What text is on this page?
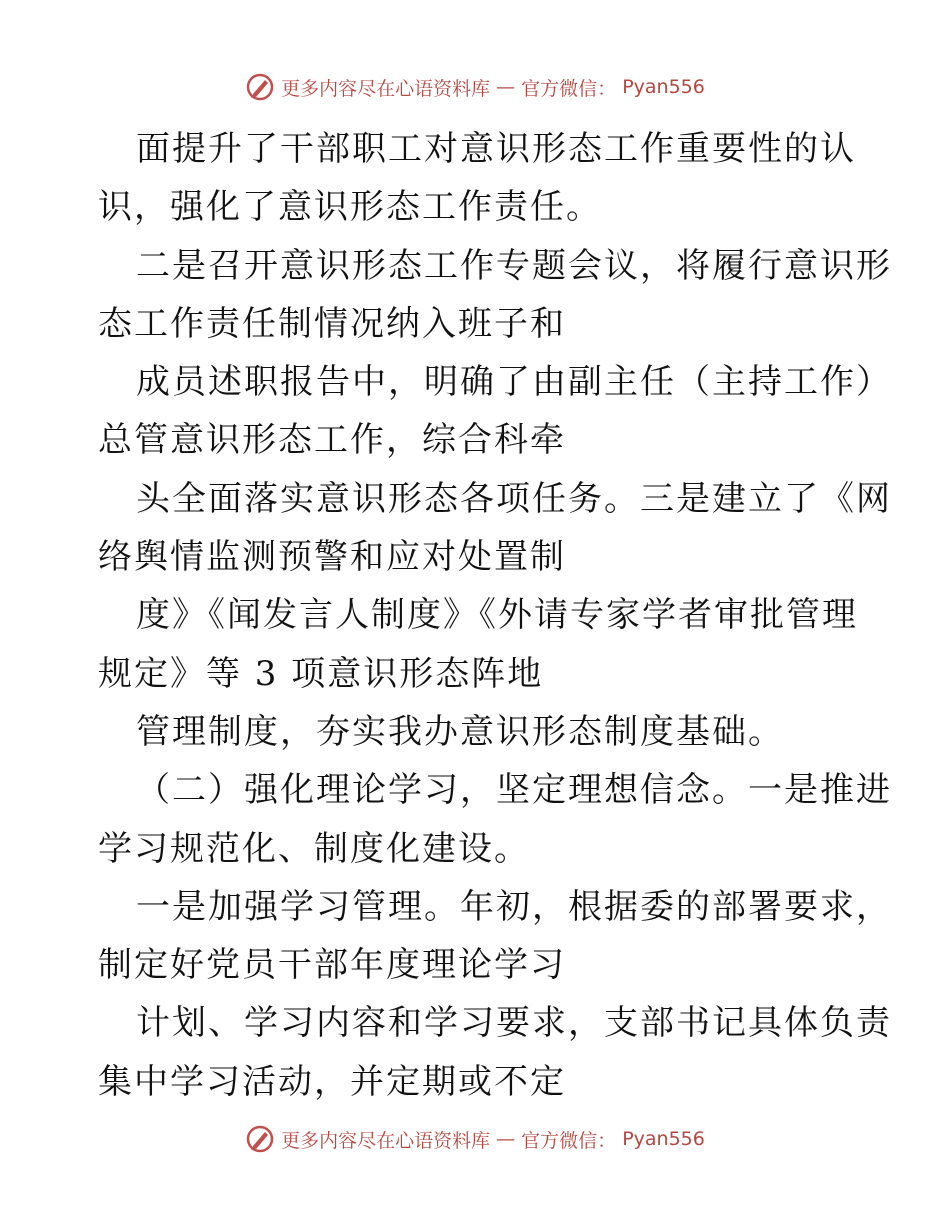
更多内容尽在心语资料库 — 官方微信： Pyan556
面提升了干部职工对意识形态工作重要性的认
识，强化了意识形态工作责任。
二是召开意识形态工作专题会议，将履行意识形
态工作责任制情况纳入班子和
成员述职报告中，明确了由副主任（主持工作）
总管意识形态工作，综合科牵
头全面落实意识形态各项任务。三是建立了《网
络舆情监测预警和应对处置制
度》《闻发言人制度》《外请专家学者审批管理
规定》等 3 项意识形态阵地
管理制度，夯实我办意识形态制度基础。
（二）强化理论学习，坚定理想信念。一是推进
学习规范化、制度化建设。
一是加强学习管理。年初，根据委的部署要求，
制定好党员干部年度理论学习
计划、学习内容和学习要求，支部书记具体负责
集中学习活动，并定期或不定
更多内容尽在心语资料库 — 官方微信： Pyan556
